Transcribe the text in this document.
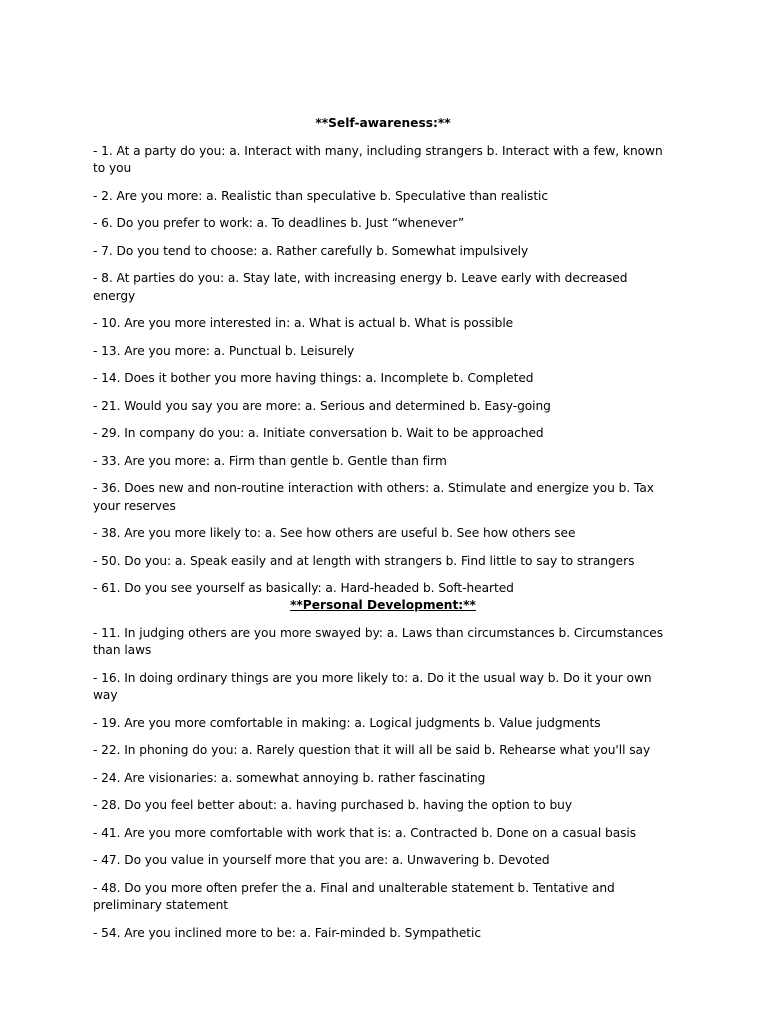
**Self-awareness:**
- 1. At a party do you: a. Interact with many, including strangers b. Interact with a few, known to you
- 2. Are you more: a. Realistic than speculative b. Speculative than realistic
- 6. Do you prefer to work: a. To deadlines b. Just “whenever”
- 7. Do you tend to choose: a. Rather carefully b. Somewhat impulsively
- 8. At parties do you: a. Stay late, with increasing energy b. Leave early with decreased energy
- 10. Are you more interested in: a. What is actual b. What is possible
- 13. Are you more: a. Punctual b. Leisurely
- 14. Does it bother you more having things: a. Incomplete b. Completed
- 21. Would you say you are more: a. Serious and determined b. Easy-going
- 29. In company do you: a. Initiate conversation b. Wait to be approached
- 33. Are you more: a. Firm than gentle b. Gentle than firm
- 36. Does new and non-routine interaction with others: a. Stimulate and energize you b. Tax your reserves
- 38. Are you more likely to: a. See how others are useful b. See how others see
- 50. Do you: a. Speak easily and at length with strangers b. Find little to say to strangers
- 61. Do you see yourself as basically: a. Hard-headed b. Soft-hearted
**Personal Development:**
- 11. In judging others are you more swayed by: a. Laws than circumstances b. Circumstances than laws
- 16. In doing ordinary things are you more likely to: a. Do it the usual way b. Do it your own way
- 19. Are you more comfortable in making: a. Logical judgments b. Value judgments
- 22. In phoning do you: a. Rarely question that it will all be said b. Rehearse what you'll say
- 24. Are visionaries: a. somewhat annoying b. rather fascinating
- 28. Do you feel better about: a. having purchased b. having the option to buy
- 41. Are you more comfortable with work that is: a. Contracted b. Done on a casual basis
- 47. Do you value in yourself more that you are: a. Unwavering b. Devoted
- 48. Do you more often prefer the a. Final and unalterable statement b. Tentative and preliminary statement
- 54. Are you inclined more to be: a. Fair-minded b. Sympathetic
